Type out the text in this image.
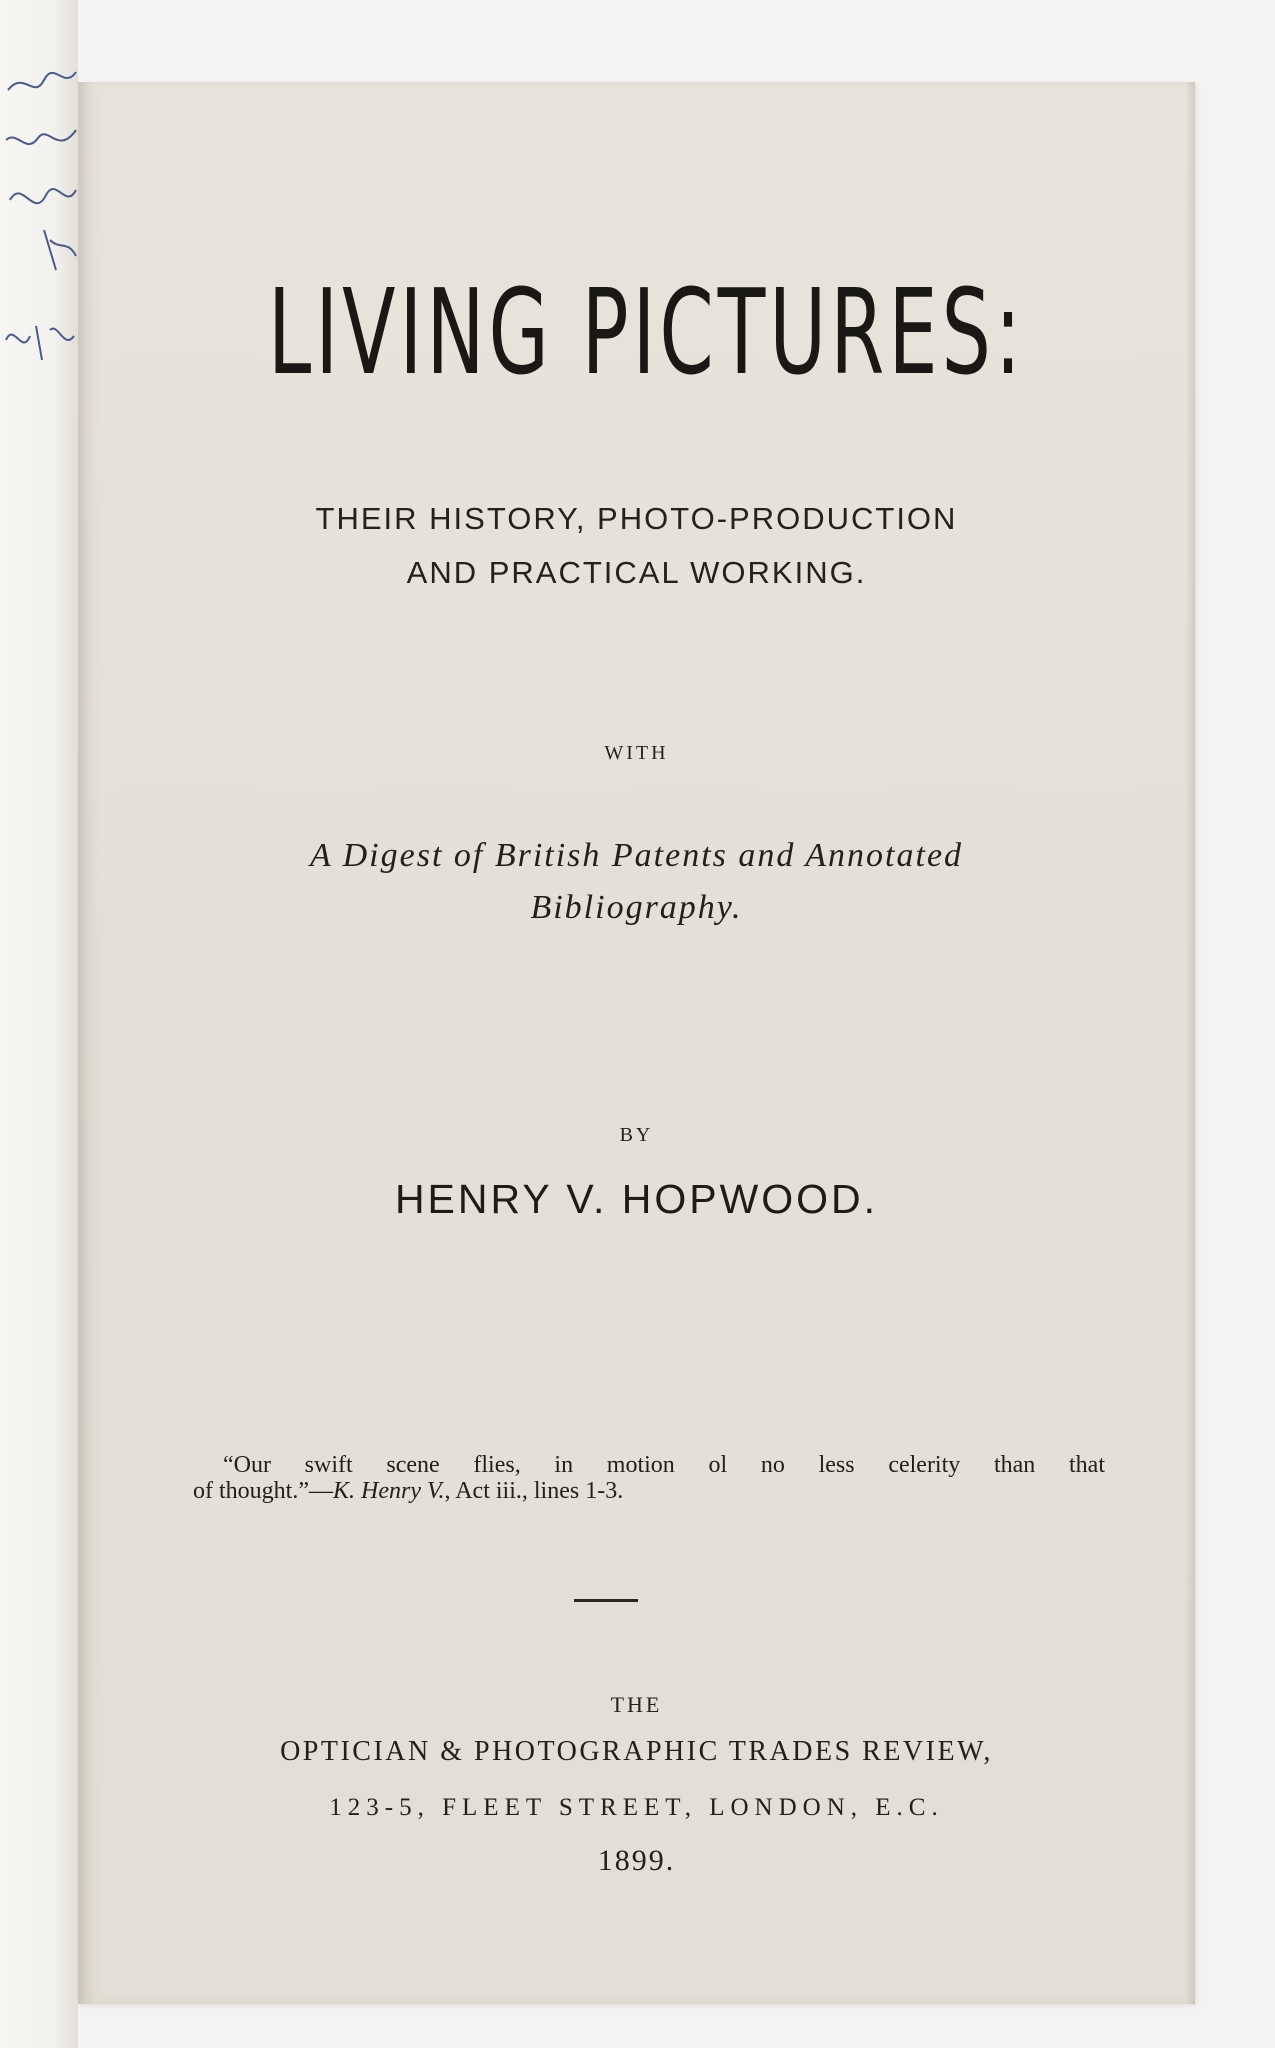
LIVING PICTURES:
THEIR HISTORY, PHOTO-PRODUCTION
AND PRACTICAL WORKING.
WITH
A Digest of British Patents and Annotated
Bibliography.
BY
HENRY V. HOPWOOD.
“Our swift scene flies, in motion ol no less celerity than that
of thought.”—K. Henry V., Act iii., lines 1-3.
THE
OPTICIAN & PHOTOGRAPHIC TRADES REVIEW,
123-5, FLEET STREET, LONDON, E.C.
1899.
